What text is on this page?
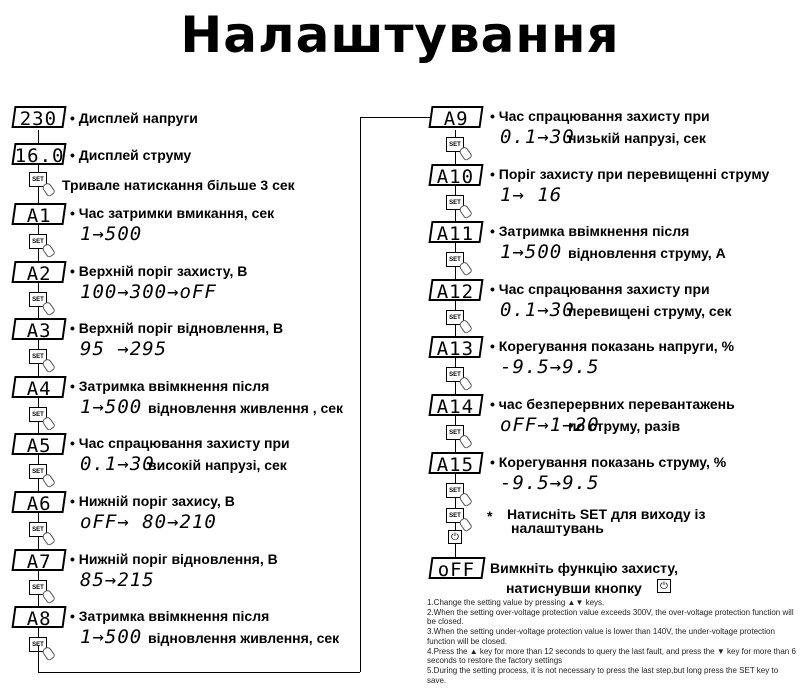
Налаштування
230 • Дисплей напруги
16.0 • Дисплей струму
SET Тривале натискання більше 3 сек
A1	• Час затримки вмикання, сек
1→500
SET
A2	• Верхній поріг захисту, В
100→300→oFF
SET
A3	• Верхній поріг відновлення, В
95 →295
SET
A4	• Затримка ввімкнення після
1→500 відновлення живлення , сек
SET
A5	• Час спрацювання захисту при
0.1→30
високій напрузі, сек
SET
A6	• Нижній поріг захису, В
oFF→ 80→210
SET
A7	• Нижній поріг відновлення, В
85→215
SET
A8	• Затримка ввімкнення після
1→500 відновлення живлення, сек
SET
A9	• Час спрацювання захисту при
0.1→30
низькій напрузі, сек
SET
A10	• Поріг захисту при перевищенні струму
1→ 16
SET
A11	• Затримка ввімкнення після
1→500 відновлення струму, А
SET
A12	• Час спрацювання захисту при
0.1→30
перевищені струму, сек
SET
A13	• Корегування показань напруги, %
-9.5→9.5
SET
A14	• час безперервних перевантажень
oFF→1→20
по струму, разів
SET
A15	• Корегування показань струму, %
-9.5→9.5
SET
SET * Натисніть SET для виходу із
налаштувань
⏻
oFF	Вимкніть функцію захисту,
натиснувши кнопку	⏻
1.Change the setting value by pressing ▲▼ keys.
2.When the setting over-voltage protection value exceeds 300V, the over-voltage protection function will be closed.
3.When the setting under-voltage protection value is lower than 140V, the under-voltage protection function will be closed.
4.Press the ▲ key for more than 12 seconds to query the last fault, and press the ▼ key for more than 6 seconds to restore the factory settings
5.During the setting process, it is not necessary to press the last step,but long press the SET key to save.
